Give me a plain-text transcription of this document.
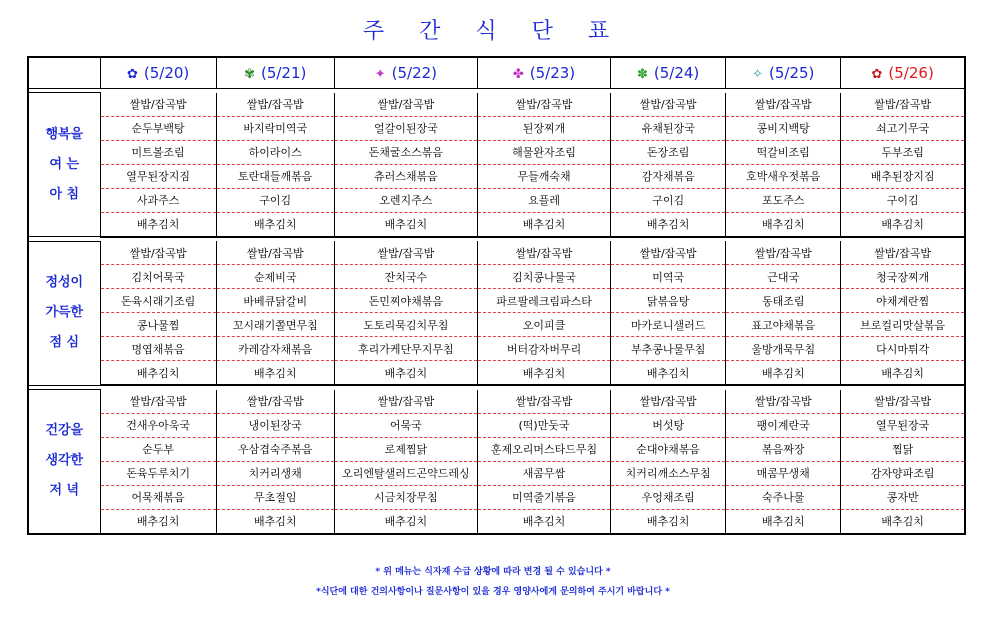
주 간 식 단 표
	✿ (5/20)	✾ (5/21)	✦ (5/22)	✤ (5/23)	✽ (5/24)	✧ (5/25)	✿ (5/26)

행복을
여 는
아 침	쌀밥/잡곡밥	쌀밥/잡곡밥	쌀밥/잡곡밥	쌀밥/잡곡밥	쌀밥/잡곡밥	쌀밥/잡곡밥	쌀밥/잡곡밥
	순두부백탕	바지락미역국	얼갈이된장국	된장찌개	유채된장국	콩비지백탕	쇠고기무국
	미트볼조림	하이라이스	돈채굴소스볶음	해물완자조림	돈장조림	떡갈비조림	두부조림
	열무된장지짐	토란대들깨볶음	츄러스채볶음	무들깨숙채	감자채볶음	호박새우젓볶음	배추된장지짐
	사과주스	구이김	오렌지주스	요플레	구이김	포도주스	구이김
	배추김치	배추김치	배추김치	배추김치	배추김치	배추김치	배추김치

정성이
가득한
점 심	쌀밥/잡곡밥	쌀밥/잡곡밥	쌀밥/잡곡밥	쌀밥/잡곡밥	쌀밥/잡곡밥	쌀밥/잡곡밥	쌀밥/잡곡밥
	김치어묵국	순제비국	잔치국수	김치콩나물국	미역국	근대국	청국장찌개
	돈육시래기조림	바베큐닭갈비	돈민찌야채볶음	파르팔레크림파스타	닭볶음탕	동태조림	야채계란찜
	콩나물찜	꼬시래기쫄면무침	도토리묵김치무침	오이피클	마카로니샐러드	표고야채볶음	브로컬리맛살볶음
	명엽채볶음	카레감자채볶음	후리가케단무지무침	버터감자버무리	부추콩나물무침	울방개묵무침	다시마튀각
	배추김치	배추김치	배추김치	배추김치	배추김치	배추김치	배추김치

건강을
생각한
저 녁	쌀밥/잡곡밥	쌀밥/잡곡밥	쌀밥/잡곡밥	쌀밥/잡곡밥	쌀밥/잡곡밥	쌀밥/잡곡밥	쌀밥/잡곡밥
	건새우아욱국	냉이된장국	어묵국	(떡)만둣국	버섯탕	팽이계란국	열무된장국
	순두부	우삼겹숙주볶음	로제찜닭	훈제오리머스타드무침	순대야채볶음	볶음짜장	찜닭
	돈육두루치기	치커리생채	오리엔탈샐러드곤약드레싱	새콤무쌈	치커리깨소스무침	매콤무생채	감자양파조림
	어묵채볶음	무초절임	시금치장무침	미역줄기볶음	우엉채조림	숙주나물	콩자반
	배추김치	배추김치	배추김치	배추김치	배추김치	배추김치	배추김치
* 위 메뉴는 식자재 수급 상황에 따라 변경 될 수 있습니다 *
*식단에 대한 건의사항이나 질문사항이 있을 경우 영양사에게 문의하여 주시기 바랍니다 *
